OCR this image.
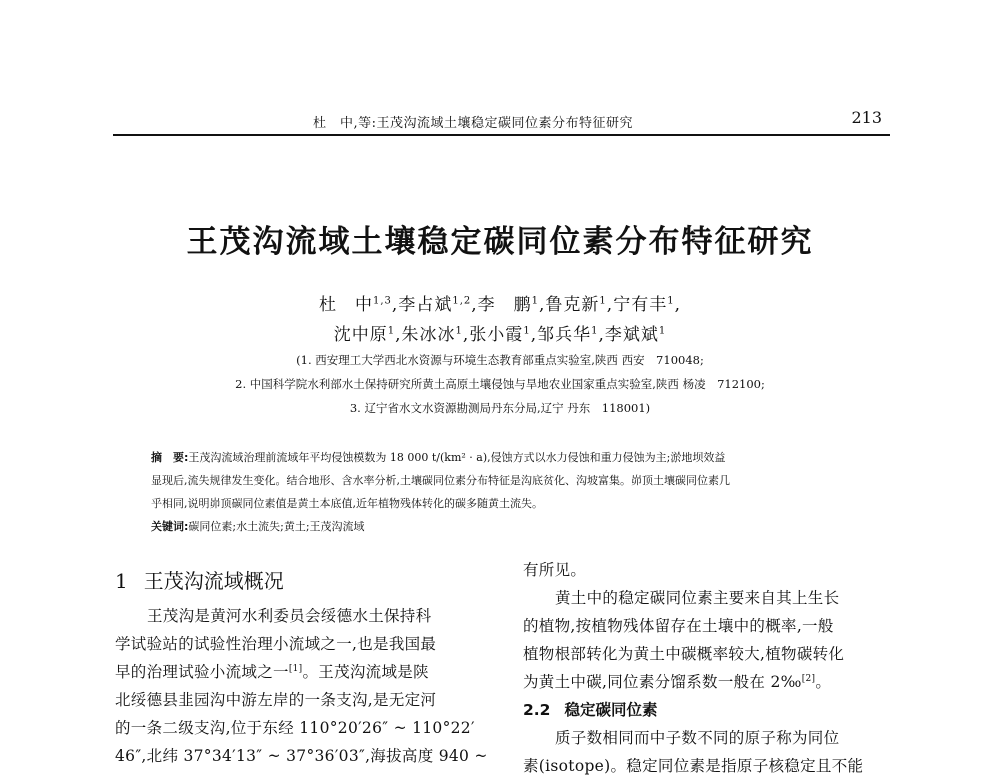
杜　中,等:王茂沟流域土壤稳定碳同位素分布特征研究	213
王茂沟流域土壤稳定碳同位素分布特征研究
杜　中$^{1,3}$,李占斌$^{1,2}$,李　鹏$^1$,鲁克新$^1$,宁有丰$^1$,
沈中原$^1$,朱冰冰$^1$,张小霞$^1$,邹兵华$^1$,李斌斌$^1$
(1. 西安理工大学西北水资源与环境生态教育部重点实验室,陕西 西安　710048;
2. 中国科学院水利部水土保持研究所黄土高原土壤侵蚀与旱地农业国家重点实验室,陕西 杨凌　712100;
3. 辽宁省水文水资源勘测局丹东分局,辽宁 丹东　118001)
摘　要:王茂沟流域治理前流域年平均侵蚀模数为 18 000 t/(km² · a),侵蚀方式以水力侵蚀和重力侵蚀为主;淤地坝效益
显现后,流失规律发生变化。结合地形、含水率分析,土壤碳同位素分布特征是沟底贫化、沟坡富集。峁顶土壤碳同位素几
乎相同,说明峁顶碳同位素值是黄土本底值,近年植物残体转化的碳多随黄土流失。
关键词:碳同位素;水土流失;黄土;王茂沟流域
1 王茂沟流域概况
王茂沟是黄河水利委员会绥德水土保持科
学试验站的试验性治理小流域之一,也是我国最
早的治理试验小流域之一[1]。王茂沟流域是陕
北绥德县韭园沟中游左岸的一条支沟,是无定河
的一条二级支沟,位于东经 110°20′26″ ~ 110°22′
46″,北纬 37°34′13″ ~ 37°36′03″,海拔高度 940 ~
有所见。
黄土中的稳定碳同位素主要来自其上生长
的植物,按植物残体留存在土壤中的概率,一般
植物根部转化为黄土中碳概率较大,植物碳转化
为黄土中碳,同位素分馏系数一般在 2‰[2]。
2.2 稳定碳同位素
质子数相同而中子数不同的原子称为同位
素(isotope)。稳定同位素是指原子核稳定且不能
